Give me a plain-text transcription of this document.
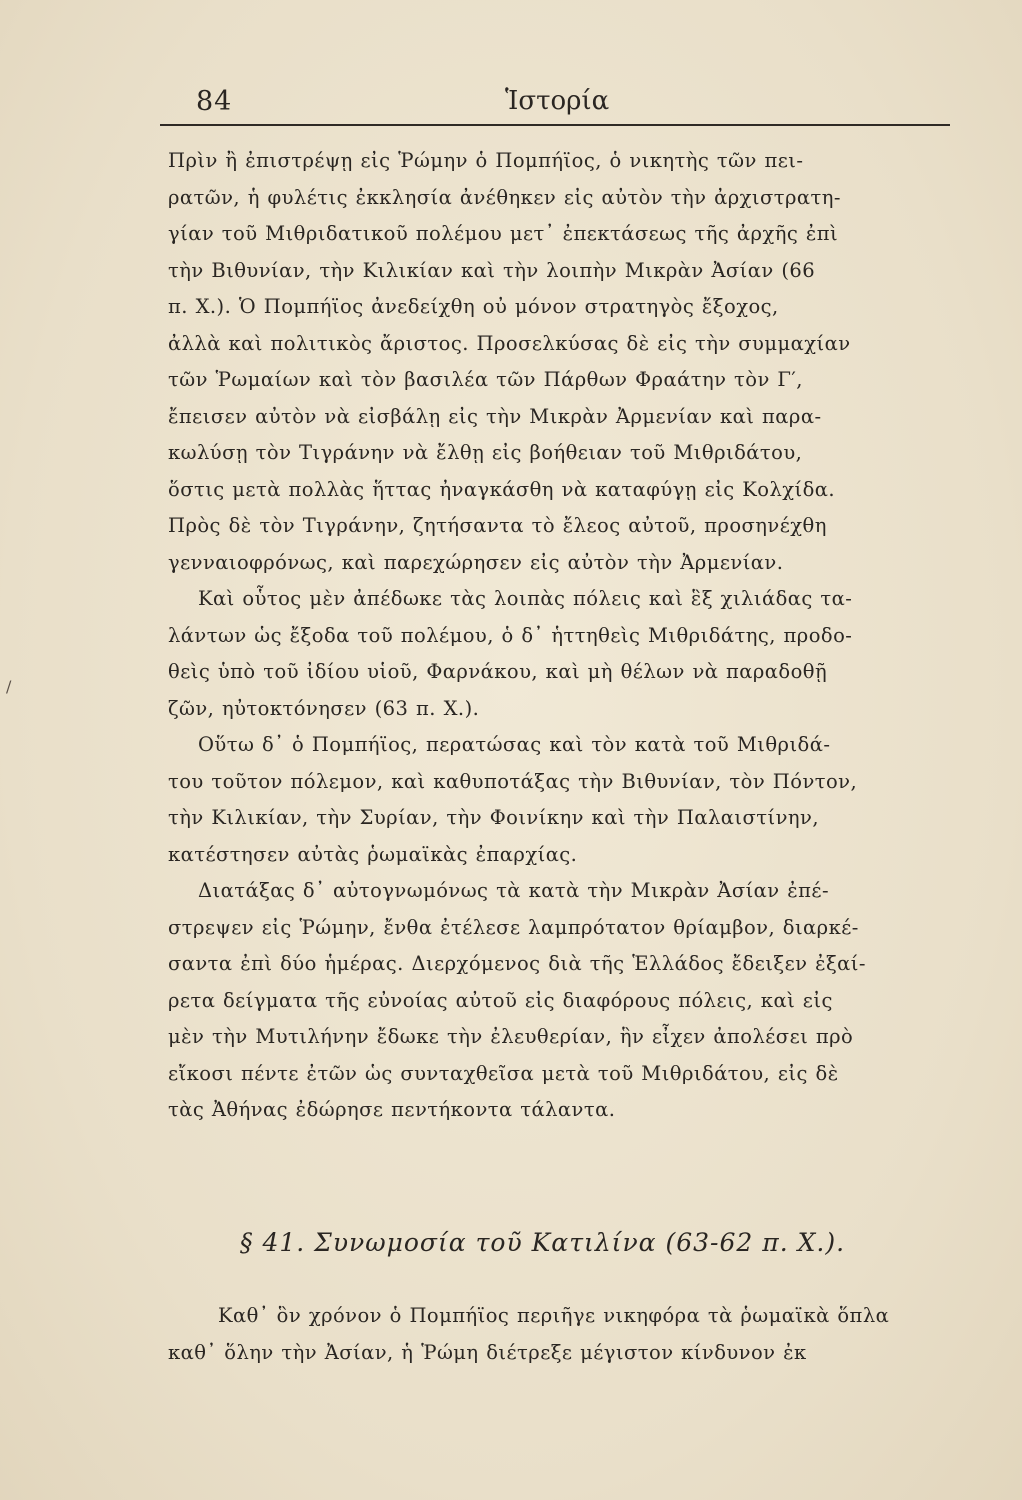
84	Ἱστορία
/
Πρὶν ἢ ἐπιστρέψῃ εἰς Ῥώμην ὁ Πομπήϊος, ὁ νικητὴς τῶν πει-
ρατῶν, ἡ φυλέτις ἐκκλησία ἀνέθηκεν εἰς αὐτὸν τὴν ἀρχιστρατη-
γίαν τοῦ Μιθριδατικοῦ πολέμου μετ᾽ ἐπεκτάσεως τῆς ἀρχῆς ἐπὶ
τὴν Βιθυνίαν, τὴν Κιλικίαν καὶ τὴν λοιπὴν Μικρὰν Ἀσίαν (66
π. Χ.). Ὁ Πομπήϊος ἀνεδείχθη οὐ μόνον στρατηγὸς ἔξοχος,
ἀλλὰ καὶ πολιτικὸς ἄριστος. Προσελκύσας δὲ εἰς τὴν συμμαχίαν
τῶν Ῥωμαίων καὶ τὸν βασιλέα τῶν Πάρθων Φραάτην τὸν Γ′,
ἔπεισεν αὐτὸν νὰ εἰσβάλῃ εἰς τὴν Μικρὰν Ἀρμενίαν καὶ παρα-
κωλύσῃ τὸν Τιγράνην νὰ ἔλθῃ εἰς βοήθειαν τοῦ Μιθριδάτου,
ὅστις μετὰ πολλὰς ἥττας ἠναγκάσθη νὰ καταφύγῃ εἰς Κολχίδα.
Πρὸς δὲ τὸν Τιγράνην, ζητήσαντα τὸ ἔλεος αὐτοῦ, προσηνέχθη
γενναιοφρόνως, καὶ παρεχώρησεν εἰς αὐτὸν τὴν Ἀρμενίαν.
Καὶ οὗτος μὲν ἀπέδωκε τὰς λοιπὰς πόλεις καὶ ἓξ χιλιάδας τα-
λάντων ὡς ἔξοδα τοῦ πολέμου, ὁ δ᾽ ἡττηθεὶς Μιθριδάτης, προδο-
θεὶς ὑπὸ τοῦ ἰδίου υἱοῦ, Φαρνάκου, καὶ μὴ θέλων νὰ παραδοθῇ
ζῶν, ηὐτοκτόνησεν (63 π. Χ.).
Οὕτω δ᾽ ὁ Πομπήϊος, περατώσας καὶ τὸν κατὰ τοῦ Μιθριδά-
του τοῦτον πόλεμον, καὶ καθυποτάξας τὴν Βιθυνίαν, τὸν Πόντον,
τὴν Κιλικίαν, τὴν Συρίαν, τὴν Φοινίκην καὶ τὴν Παλαιστίνην,
κατέστησεν αὐτὰς ῥωμαϊκὰς ἐπαρχίας.
Διατάξας δ᾽ αὐτογνωμόνως τὰ κατὰ τὴν Μικρὰν Ἀσίαν ἐπέ-
στρεψεν εἰς Ῥώμην, ἔνθα ἐτέλεσε λαμπρότατον θρίαμβον, διαρκέ-
σαντα ἐπὶ δύο ἡμέρας. Διερχόμενος διὰ τῆς Ἑλλάδος ἔδειξεν ἐξαί-
ρετα δείγματα τῆς εὐνοίας αὐτοῦ εἰς διαφόρους πόλεις, καὶ εἰς
μὲν τὴν Μυτιλήνην ἔδωκε τὴν ἐλευθερίαν, ἣν εἶχεν ἀπολέσει πρὸ
εἴκοσι πέντε ἐτῶν ὡς συνταχθεῖσα μετὰ τοῦ Μιθριδάτου, εἰς δὲ
τὰς Ἀθήνας ἐδώρησε πεντήκοντα τάλαντα.
§ 41. Συνωμοσία τοῦ Κατιλίνα (63-62 π. Χ.).
Καθ᾽ ὃν χρόνον ὁ Πομπήϊος περιῆγε νικηφόρα τὰ ῥωμαϊκὰ ὅπλα
καθ᾽ ὅλην τὴν Ἀσίαν, ἡ Ῥώμη διέτρεξε μέγιστον κίνδυνον ἐκ
